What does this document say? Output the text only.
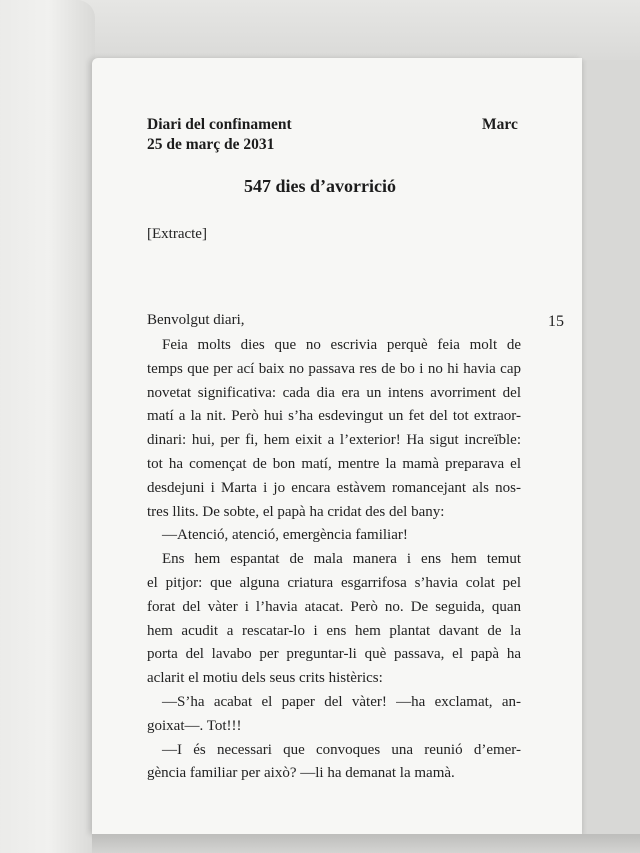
Diari del confinament	Marc
25 de març de 2031
547 dies d’avorrició
[Extracte]
Benvolgut diari,	15
Feia molts dies que no escrivia perquè feia molt de
temps que per ací baix no passava res de bo i no hi havia cap
novetat significativa: cada dia era un intens avorriment del
matí a la nit. Però hui s’ha esdevingut un fet del tot extraor-
dinari: hui, per fi, hem eixit a l’exterior! Ha sigut increïble:
tot ha començat de bon matí, mentre la mamà preparava el
desdejuni i Marta i jo encara estàvem romancejant als nos-
tres llits. De sobte, el papà ha cridat des del bany:
—Atenció, atenció, emergència familiar!
Ens hem espantat de mala manera i ens hem temut
el pitjor: que alguna criatura esgarrifosa s’havia colat pel
forat del vàter i l’havia atacat. Però no. De seguida, quan
hem acudit a rescatar-lo i ens hem plantat davant de la
porta del lavabo per preguntar-li què passava, el papà ha
aclarit el motiu dels seus crits histèrics:
—S’ha acabat el paper del vàter! —ha exclamat, an-
goixat—. Tot!!!
—I és necessari que convoques una reunió d’emer-
gència familiar per això? —li ha demanat la mamà.
